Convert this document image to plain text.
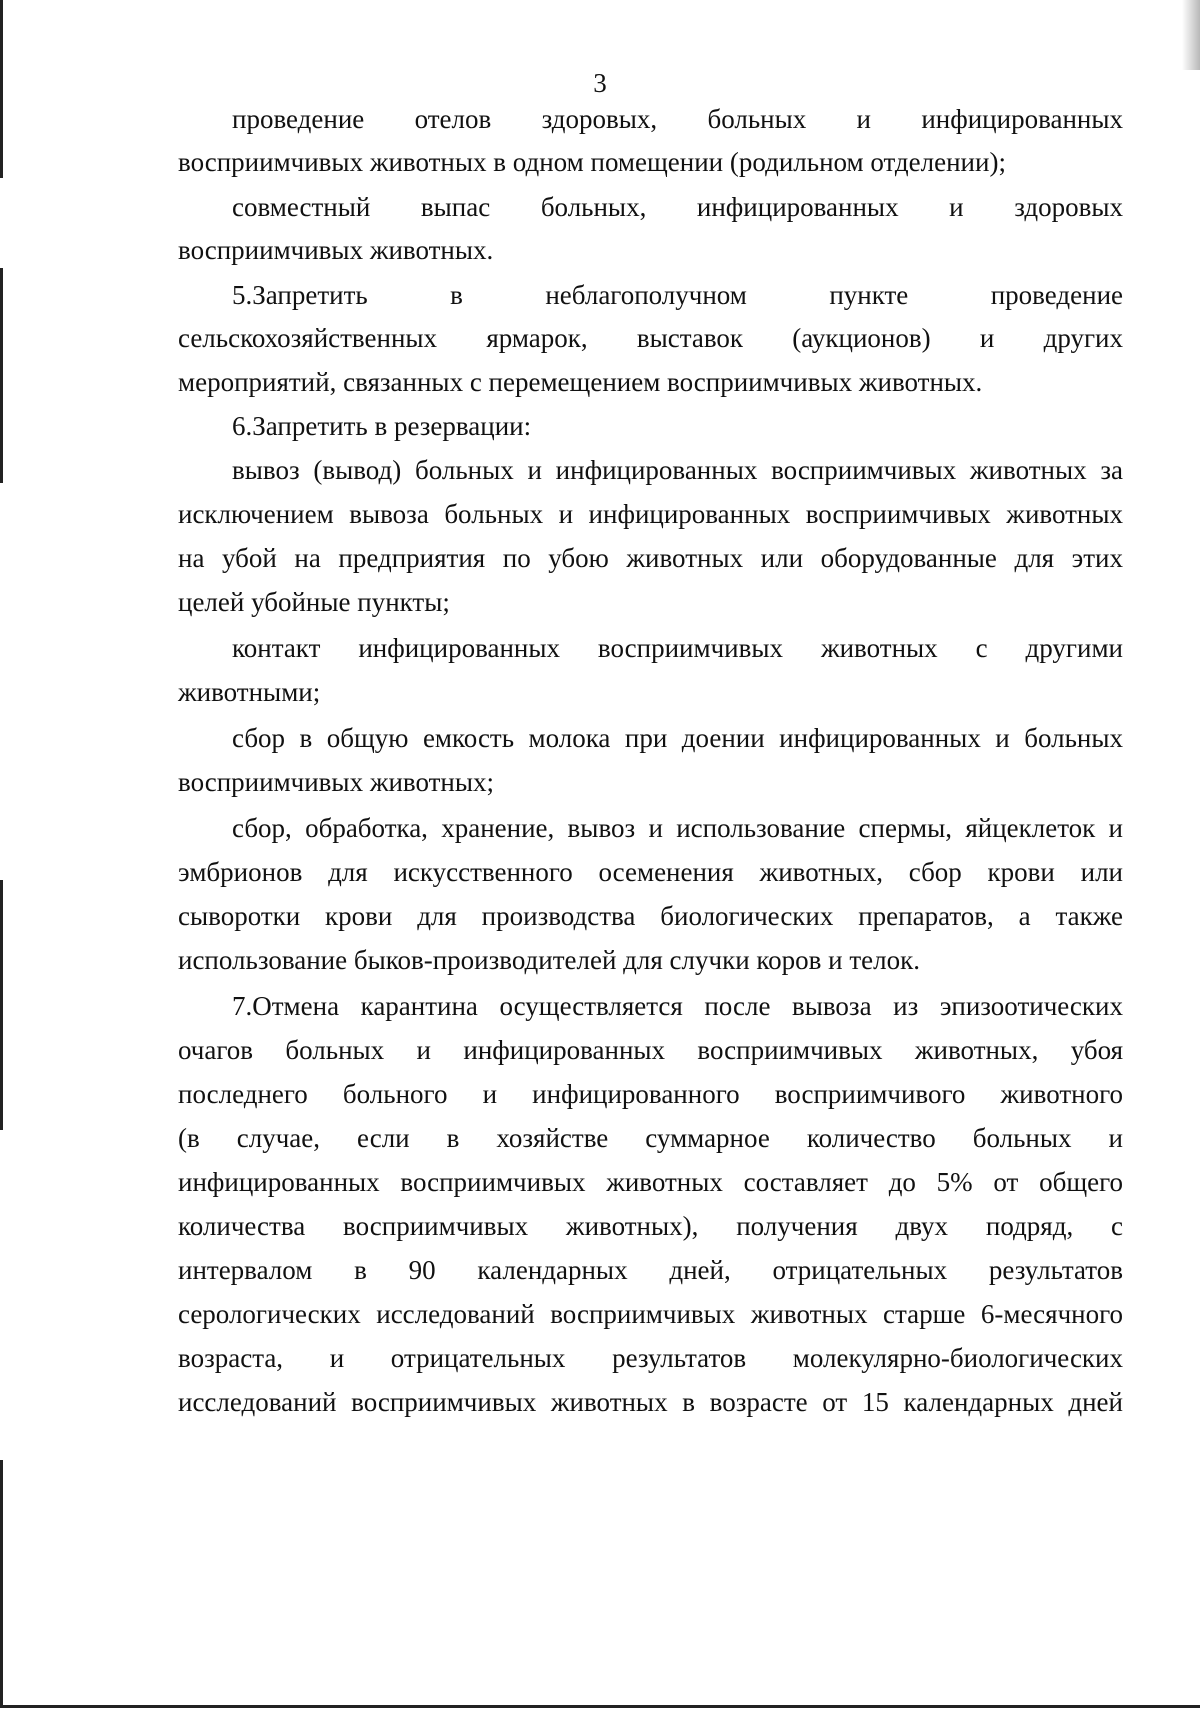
3
проведение отелов здоровых, больных и инфицированных
восприимчивых животных в одном помещении (родильном отделении);
совместный выпас больных, инфицированных и здоровых
восприимчивых животных.
5.Запретить в неблагополучном пункте проведение
сельскохозяйственных ярмарок, выставок (аукционов) и других
мероприятий, связанных с перемещением восприимчивых животных.
6.Запретить в резервации:
вывоз (вывод) больных и инфицированных восприимчивых животных за
исключением вывоза больных и инфицированных восприимчивых животных
на убой на предприятия по убою животных или оборудованные для этих
целей убойные пункты;
контакт инфицированных восприимчивых животных с другими
животными;
сбор в общую емкость молока при доении инфицированных и больных
восприимчивых животных;
сбор, обработка, хранение, вывоз и использование спермы, яйцеклеток и
эмбрионов для искусственного осеменения животных, сбор крови или
сыворотки крови для производства биологических препаратов, а также
использование быков-производителей для случки коров и телок.
7.Отмена карантина осуществляется после вывоза из эпизоотических
очагов больных и инфицированных восприимчивых животных, убоя
последнего больного и инфицированного восприимчивого животного
(в случае, если в хозяйстве суммарное количество больных и
инфицированных восприимчивых животных составляет до 5% от общего
количества восприимчивых животных), получения двух подряд, с
интервалом в 90 календарных дней, отрицательных результатов
серологических исследований восприимчивых животных старше 6-месячного
возраста, и отрицательных результатов молекулярно-биологических
исследований восприимчивых животных в возрасте от 15 календарных дней
